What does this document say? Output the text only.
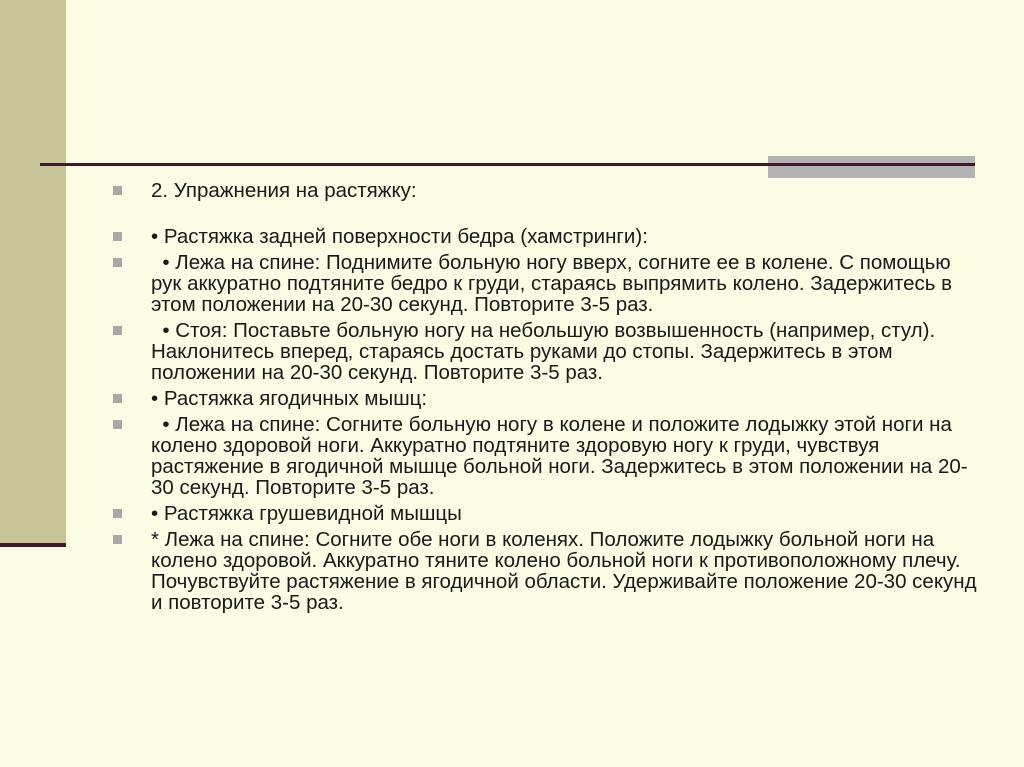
2. Упражнения на растяжку:
• Растяжка задней поверхности бедра (хамстринги):
• Лежа на спине: Поднимите больную ногу вверх, согните ее в колене. С помощью рук аккуратно подтяните бедро к груди, стараясь выпрямить колено. Задержитесь в этом положении на 20-30 секунд. Повторите 3-5 раз.
• Стоя: Поставьте больную ногу на небольшую возвышенность (например, стул). Наклонитесь вперед, стараясь достать руками до стопы. Задержитесь в этом положении на 20-30 секунд. Повторите 3-5 раз.
• Растяжка ягодичных мышц:
• Лежа на спине: Согните больную ногу в колене и положите лодыжку этой ноги на колено здоровой ноги. Аккуратно подтяните здоровую ногу к груди, чувствуя растяжение в ягодичной мышце больной ноги. Задержитесь в этом положении на 20-30 секунд. Повторите 3-5 раз.
• Растяжка грушевидной мышцы
* Лежа на спине: Согните обе ноги в коленях. Положите лодыжку больной ноги на колено здоровой. Аккуратно тяните колено больной ноги к противоположному плечу. Почувствуйте растяжение в ягодичной области. Удерживайте положение 20-30 секунд и повторите 3-5 раз.
